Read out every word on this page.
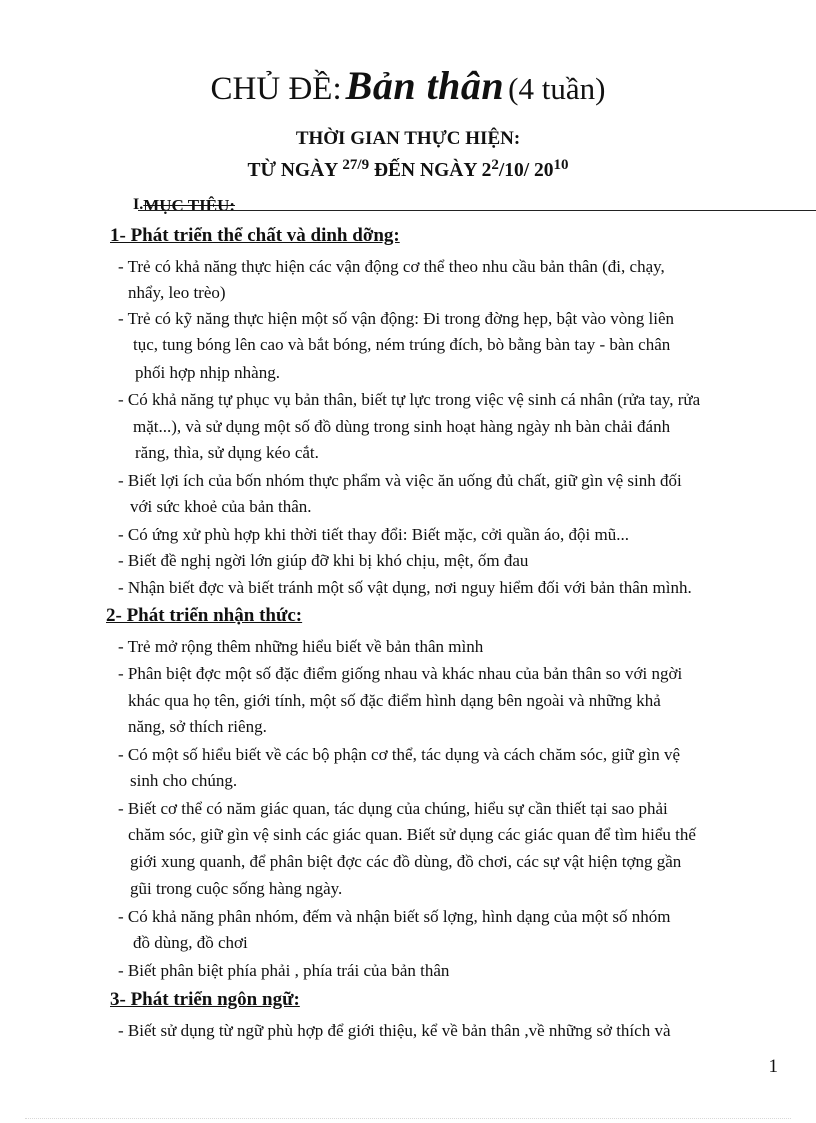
CHỦ ĐỀ: Bản thân (4 tuần)
THỜI GIAN THỰC HIỆN:
TỪ NGÀY $^{27/9}$ ĐẾN NGÀY $2^2/10/$ $20^{10}$
I.MỤC TIÊU:
1- Phát triển thể chất và dinh dỡng:
- Trẻ có khả năng thực hiện các vận động cơ thể theo nhu cầu bản thân (đi, chạy,
nhẩy, leo trèo)
- Trẻ có kỹ năng thực hiện một số vận động: Đi trong đờng hẹp, bật vào vòng liên
tục, tung bóng lên cao và bắt bóng, ném trúng đích, bò bằng bàn tay - bàn chân
phối hợp nhịp nhàng.
- Có khả năng tự phục vụ bản thân, biết tự lực trong việc vệ sinh cá nhân (rửa tay, rửa
mặt...), và sử dụng một số đồ dùng trong sinh hoạt hàng ngày nh bàn chải đánh
răng, thìa, sử dụng kéo cắt.
- Biết lợi ích của bốn nhóm thực phẩm và việc ăn uống đủ chất, giữ gìn vệ sinh đối
với sức khoẻ của bản thân.
- Có ứng xử phù hợp khi thời tiết thay đổi: Biết mặc, cởi quần áo, đội mũ...
- Biết đề nghị ngời lớn giúp đỡ khi bị khó chịu, mệt, ốm đau
- Nhận biết đợc và biết tránh một số vật dụng, nơi nguy hiểm đối với bản thân mình.
2- Phát triển nhận thức:
- Trẻ mở rộng thêm những hiểu biết về bản thân mình
- Phân biệt đợc một số đặc điểm giống nhau và khác nhau của bản thân so với ngời
khác qua họ tên, giới tính, một số đặc điểm hình dạng bên ngoài và những khả
năng, sở thích riêng.
- Có một số hiểu biết về các bộ phận cơ thể, tác dụng và cách chăm sóc, giữ gìn vệ
sinh cho chúng.
- Biết cơ thể có năm giác quan, tác dụng của chúng, hiểu sự cần thiết tại sao phải
chăm sóc, giữ gìn vệ sinh các giác quan. Biết sử dụng các giác quan để tìm hiểu thế
giới xung quanh, để phân biệt đợc các đồ dùng, đồ chơi, các sự vật hiện tợng gần
gũi trong cuộc sống hàng ngày.
- Có khả năng phân nhóm, đếm và nhận biết số lợng, hình dạng của một số nhóm
đồ dùng, đồ chơi
- Biết phân biệt phía phải , phía trái của bản thân
3- Phát triển ngôn ngữ:
- Biết sử dụng từ ngữ phù hợp để giới thiệu, kể về bản thân ,về những sở thích và
1
